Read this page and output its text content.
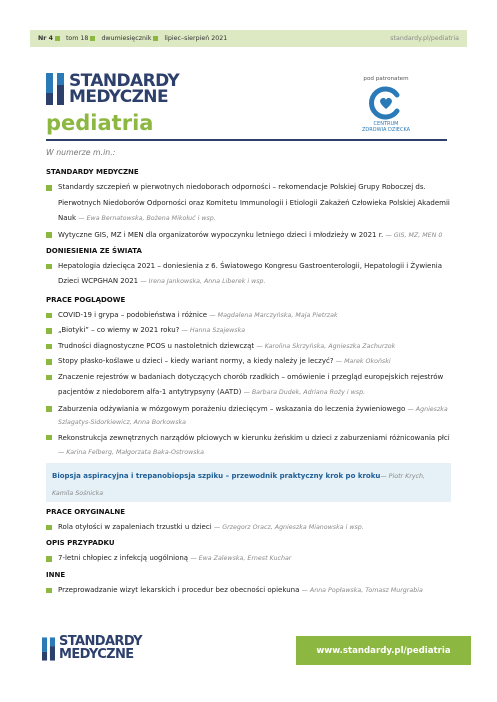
Nr 4 tom 18 dwumiesięcznik lipiec–sierpień 2021	standardy.pl/pediatria
STANDARDY
MEDYCZNE
pediatria
pod patronatem
CENTRUM
ZDROWIA DZIECKA
W numerze m.in.:
STANDARDY MEDYCZNE
Standardy szczepień w pierwotnych niedoborach odporności – rekomendacje Polskiej Grupy Roboczej ds. Pierwotnych Niedoborów Odporności oraz Komitetu Immunologii i Etiologii Zakażeń Człowieka Polskiej Akademii Nauk — Ewa Bernatowska, Bożena Mikołuć i wsp.
Wytyczne GIS, MZ i MEN dla organizatorów wypoczynku letniego dzieci i młodzieży w 2021 r. — GIS, MZ, MEN 0
DONIESIENIA ZE ŚWIATA
Hepatologia dziecięca 2021 – doniesienia z 6. Światowego Kongresu Gastroenterologii, Hepatologii i Żywienia Dzieci WCPGHAN 2021 — Irena Jankowska, Anna Liberek i wsp.
PRACE POGLĄDOWE
COVID-19 i grypa – podobieństwa i różnice — Magdalena Marczyńska, Maja Pietrzak
„Biotyki” – co wiemy w 2021 roku? — Hanna Szajewska
Trudności diagnostyczne PCOS u nastoletnich dziewcząt — Karolina Skrzyńska, Agnieszka Zachurzok
Stopy płasko-koślawe u dzieci – kiedy wariant normy, a kiedy należy je leczyć? — Marek Okoński
Znaczenie rejestrów w badaniach dotyczących chorób rzadkich – omówienie i przegląd europejskich rejestrów pacjentów z niedoborem alfa-1 antytrypsyny (AATD) — Barbara Dudek, Adriana Roży i wsp.
Zaburzenia odżywiania w mózgowym porażeniu dziecięcym – wskazania do leczenia żywieniowego — Agnieszka Szlagatys-Sidorkiewicz, Anna Borkowska
Rekonstrukcja zewnętrznych narządów płciowych w kierunku żeńskim u dzieci z zaburzeniami różnicowania płci — Karina Felberg, Małgorzata Baka-Ostrowska
Biopsja aspiracyjna i trepanobiopsja szpiku – przewodnik praktyczny krok po kroku— Piotr Krych, Kamila Sośnicka
PRACE ORYGINALNE
Rola otyłości w zapaleniach trzustki u dzieci — Grzegorz Oracz, Agnieszka Mianowska i wsp.
OPIS PRZYPADKU
7-letni chłopiec z infekcją uogólnioną — Ewa Zalewska, Ernest Kuchar
INNE
Przeprowadzanie wizyt lekarskich i procedur bez obecności opiekuna — Anna Popławska, Tomasz Murgrabia
STANDARDY
MEDYCZNE	www.standardy.pl/pediatria
